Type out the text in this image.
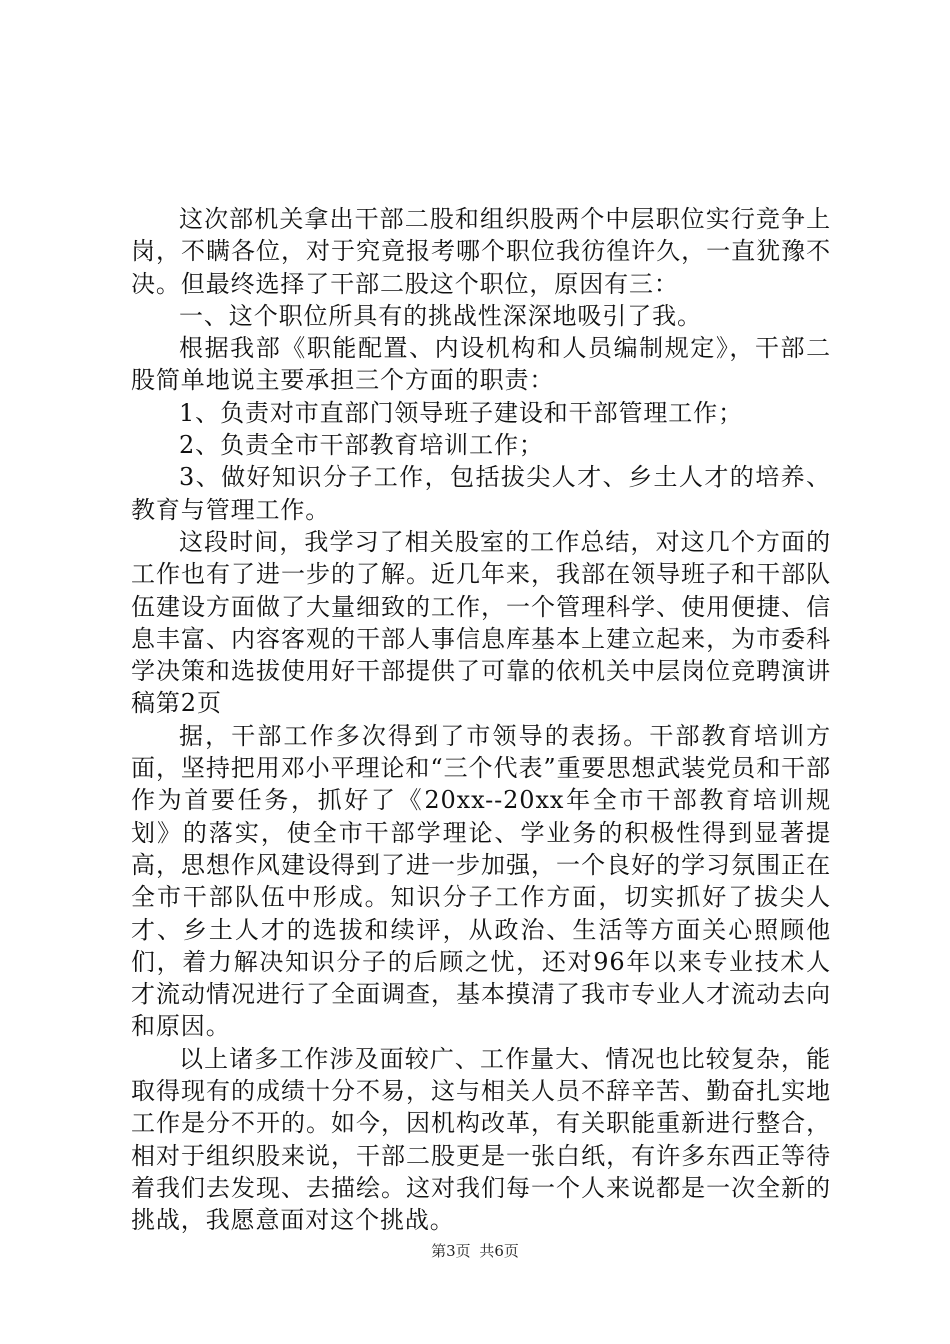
这次部机关拿出干部二股和组织股两个中层职位实行竞争上岗，不瞒各位，对于究竟报考哪个职位我彷徨许久，一直犹豫不决。但最终选择了干部二股这个职位，原因有三：

一、这个职位所具有的挑战性深深地吸引了我。

根据我部《职能配置、内设机构和人员编制规定》，干部二股简单地说主要承担三个方面的职责：

1、负责对市直部门领导班子建设和干部管理工作；

2、负责全市干部教育培训工作；

3、做好知识分子工作，包括拔尖人才、乡土人才的培养、教育与管理工作。

这段时间，我学习了相关股室的工作总结，对这几个方面的工作也有了进一步的了解。近几年来，我部在领导班子和干部队伍建设方面做了大量细致的工作，一个管理科学、使用便捷、信息丰富、内容客观的干部人事信息库基本上建立起来，为市委科学决策和选拔使用好干部提供了可靠的依机关中层岗位竞聘演讲稿第2页

据，干部工作多次得到了市领导的表扬。干部教育培训方面，坚持把用邓小平理论和“三个代表”重要思想武装党员和干部作为首要任务，抓好了《20xx--20xx年全市干部教育培训规划》的落实，使全市干部学理论、学业务的积极性得到显著提高，思想作风建设得到了进一步加强，一个良好的学习氛围正在全市干部队伍中形成。知识分子工作方面，切实抓好了拔尖人才、乡土人才的选拔和续评，从政治、生活等方面关心照顾他们，着力解决知识分子的后顾之忧，还对96年以来专业技术人才流动情况进行了全面调查，基本摸清了我市专业人才流动去向和原因。

以上诸多工作涉及面较广、工作量大、情况也比较复杂，能取得现有的成绩十分不易，这与相关人员不辞辛苦、勤奋扎实地工作是分不开的。如今，因机构改革，有关职能重新进行整合，相对于组织股来说，干部二股更是一张白纸，有许多东西正等待着我们去发现、去描绘。这对我们每一个人来说都是一次全新的挑战，我愿意面对这个挑战。

第3页 共6页
